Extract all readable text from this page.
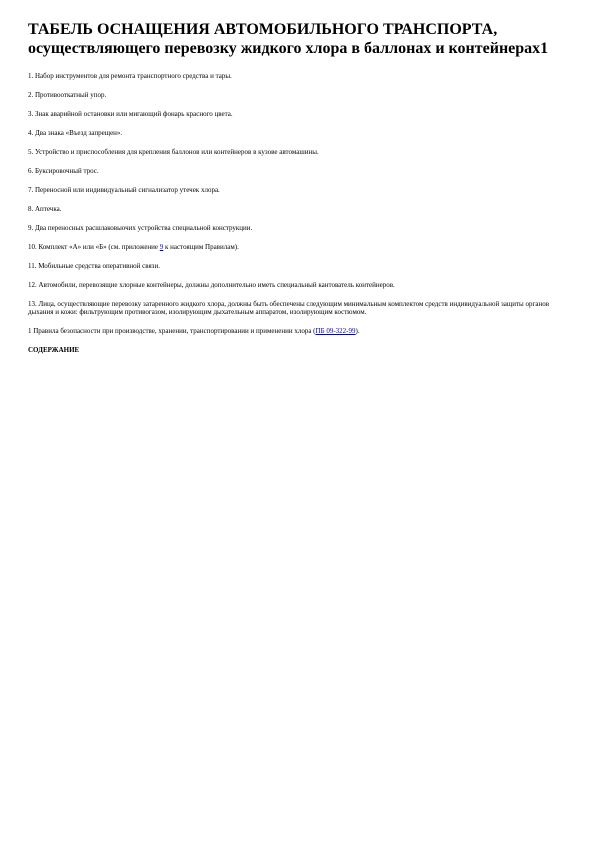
ТАБЕЛЬ ОСНАЩЕНИЯ АВТОМОБИЛЬНОГО ТРАНСПОРТА, осуществляющего перевозку жидкого хлора в баллонах и контейнерах1

1. Набор инструментов для ремонта транспортного средства и тары.

2. Противооткатный упор.

3. Знак аварийной остановки или мигающий фонарь красного цвета.

4. Два знака «Въезд запрещен».

5. Устройство и приспособления для крепления баллонов или контейнеров в кузове автомашины.

6. Буксировочный трос.

7. Переносной или индивидуальный сигнализатор утечек хлора.

8. Аптечка.

9. Два переносных расшлаковыочих устройства специальной конструкции.

10. Комплект «А» или «Б» (см. приложение 9 к настоящим Правилам).

11. Мобильные средства оперативной связи.

12. Автомобили, перевозящие хлорные контейнеры, должны дополнительно иметь специальный кантователь контейнеров.

13. Лица, осуществляющие перевозку затаренного жидкого хлора, должны быть обеспечены следующим минимальным комплектом средств индивидуальной защиты органов дыхания и кожи: фильтрующим противогазом, изолирующим дыхательным аппаратом, изолирующим костюмом.

1 Правила безопасности при производстве, хранении, транспортировании и применении хлора (ПБ 09-322-99).

СОДЕРЖАНИЕ
